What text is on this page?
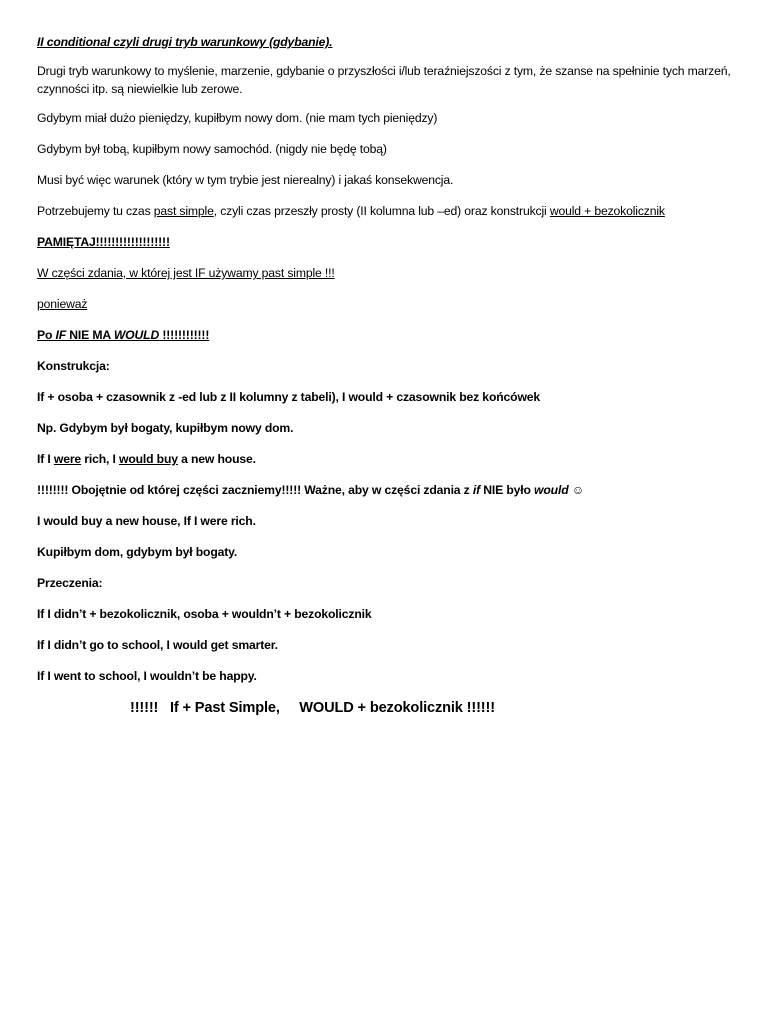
II conditional czyli drugi tryb warunkowy (gdybanie).

Drugi tryb warunkowy to myślenie, marzenie, gdybanie o przyszłości i/lub teraźniejszości z tym, że szanse na spełninie tych marzeń, czynności itp. są niewielkie lub zerowe.

Gdybym miał dużo pieniędzy, kupiłbym nowy dom. (nie mam tych pieniędzy)

Gdybym był tobą, kupiłbym nowy samochód. (nigdy nie będę tobą)

Musi być więc warunek (który w tym trybie jest nierealny) i jakaś konsekwencja.

Potrzebujemy tu czas past simple, czyli czas przeszły prosty (II kolumna lub –ed) oraz konstrukcji would + bezokolicznik

PAMIĘTAJ!!!!!!!!!!!!!!!!!!!

W części zdania, w której jest IF używamy past simple !!!

ponieważ

Po IF NIE MA WOULD !!!!!!!!!!!!

Konstrukcja:

If + osoba + czasownik z -ed lub z II kolumny z tabeli), I would + czasownik bez końcówek

Np. Gdybym był bogaty, kupiłbym nowy dom.

If I were rich, I would buy a new house.

!!!!!!!! Obojętnie od której części zaczniemy!!!!! Ważne, aby w części zdania z if NIE było would ☺

I would buy a new house, If I were rich.

Kupiłbym dom, gdybym był bogaty.

Przeczenia:

If I didn’t + bezokolicznik, osoba + wouldn’t + bezokolicznik

If I didn’t go to school, I would get smarter.

If I went to school, I wouldn’t be happy.

!!!!!!   If + Past Simple,     WOULD + bezokolicznik !!!!!!
